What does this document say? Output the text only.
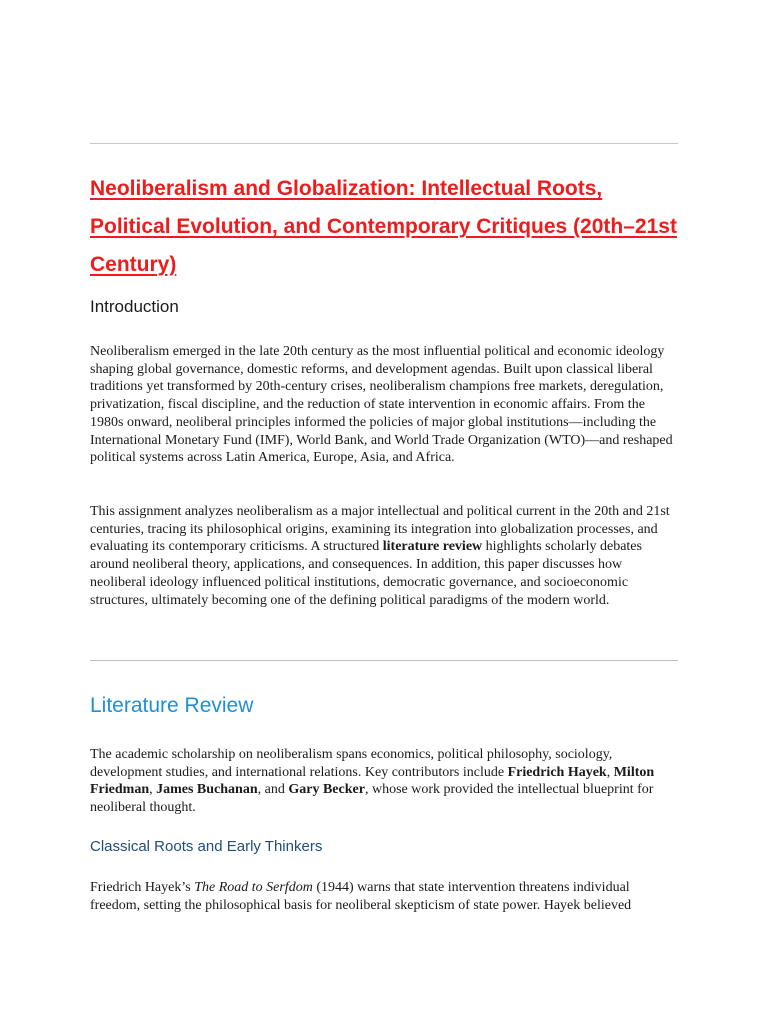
Neoliberalism and Globalization: Intellectual Roots, Political Evolution, and Contemporary Critiques (20th–21st Century)
Introduction

Neoliberalism emerged in the late 20th century as the most influential political and economic ideology shaping global governance, domestic reforms, and development agendas. Built upon classical liberal traditions yet transformed by 20th-century crises, neoliberalism champions free markets, deregulation, privatization, fiscal discipline, and the reduction of state intervention in economic affairs. From the 1980s onward, neoliberal principles informed the policies of major global institutions—including the International Monetary Fund (IMF), World Bank, and World Trade Organization (WTO)—and reshaped political systems across Latin America, Europe, Asia, and Africa.

This assignment analyzes neoliberalism as a major intellectual and political current in the 20th and 21st centuries, tracing its philosophical origins, examining its integration into globalization processes, and evaluating its contemporary criticisms. A structured literature review highlights scholarly debates around neoliberal theory, applications, and consequences. In addition, this paper discusses how neoliberal ideology influenced political institutions, democratic governance, and socioeconomic structures, ultimately becoming one of the defining political paradigms of the modern world.

Literature Review

The academic scholarship on neoliberalism spans economics, political philosophy, sociology, development studies, and international relations. Key contributors include Friedrich Hayek, Milton Friedman, James Buchanan, and Gary Becker, whose work provided the intellectual blueprint for neoliberal thought.

Classical Roots and Early Thinkers

Friedrich Hayek’s The Road to Serfdom (1944) warns that state intervention threatens individual freedom, setting the philosophical basis for neoliberal skepticism of state power. Hayek believed
